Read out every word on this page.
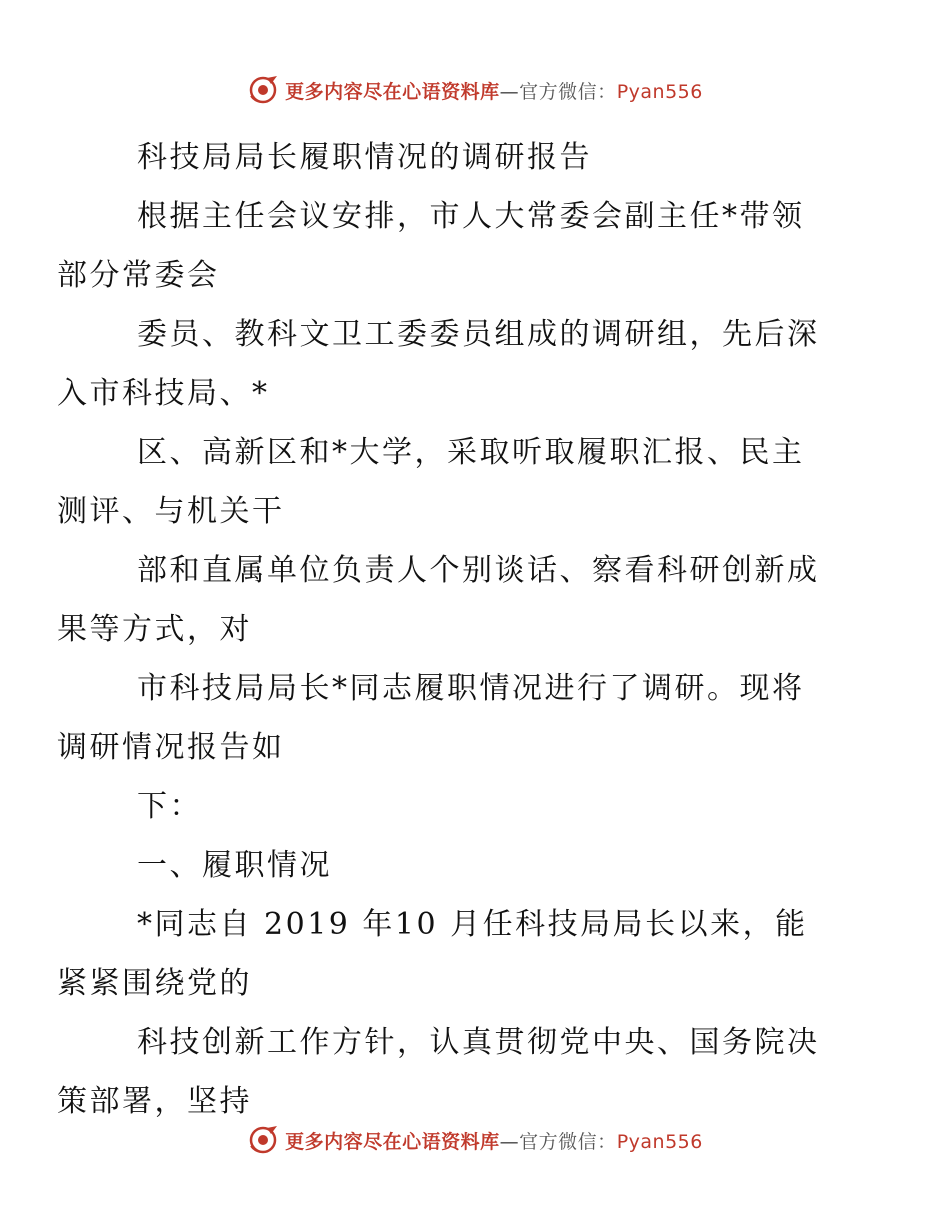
更多内容尽在心语资料库—官方微信：Pyan556

科技局局长履职情况的调研报告

根据主任会议安排，市人大常委会副主任*带领
部分常委会

委员、教科文卫工委委员组成的调研组，先后深
入市科技局、*

区、高新区和*大学，采取听取履职汇报、民主
测评、与机关干

部和直属单位负责人个别谈话、察看科研创新成
果等方式，对

市科技局局长*同志履职情况进行了调研。现将
调研情况报告如

下：

一、履职情况

*同志自 2019 年10 月任科技局局长以来，能
紧紧围绕党的

科技创新工作方针，认真贯彻党中央、国务院决
策部署，坚持

更多内容尽在心语资料库—官方微信：Pyan556
